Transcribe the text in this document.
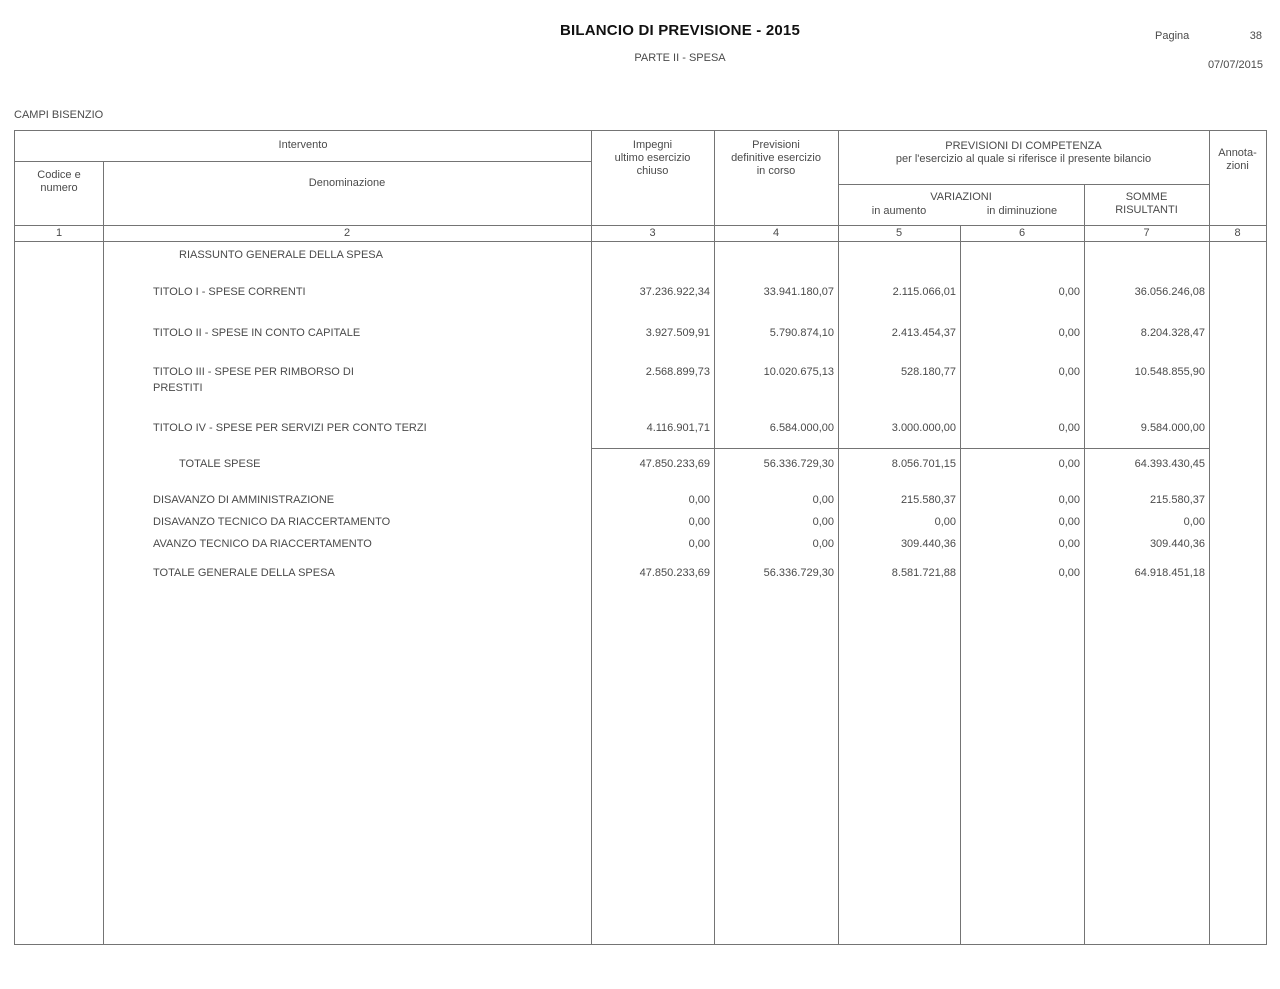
BILANCIO DI PREVISIONE - 2015
PARTE II - SPESA
Pagina	38
07/07/2015
CAMPI BISENZIO
Intervento
Codice e
numero	Denominazione
Impegni
ultimo esercizio
chiuso
Previsioni
definitive esercizio
in corso
PREVISIONI DI COMPETENZA
per l'esercizio al quale si riferisce il presente bilancio
VARIAZIONI
in aumento	in diminuzione
SOMME
RISULTANTI
Annota-
zioni
1	2	3	4	5	6	7	8
RIASSUNTO GENERALE DELLA SPESA
TITOLO I - SPESE CORRENTI	37.236.922,34	33.941.180,07	2.115.066,01	0,00	36.056.246,08
TITOLO II - SPESE IN CONTO CAPITALE	3.927.509,91	5.790.874,10	2.413.454,37	0,00	8.204.328,47
TITOLO III - SPESE PER RIMBORSO DI
PRESTITI
2.568.899,73	10.020.675,13	528.180,77	0,00	10.548.855,90
TITOLO IV - SPESE PER SERVIZI PER CONTO TERZI	4.116.901,71	6.584.000,00	3.000.000,00	0,00	9.584.000,00
TOTALE SPESE	47.850.233,69	56.336.729,30	8.056.701,15	0,00	64.393.430,45
DISAVANZO DI AMMINISTRAZIONE	0,00	0,00	215.580,37	0,00	215.580,37
DISAVANZO TECNICO DA RIACCERTAMENTO	0,00	0,00	0,00	0,00	0,00
AVANZO TECNICO DA RIACCERTAMENTO	0,00	0,00	309.440,36	0,00	309.440,36
TOTALE GENERALE DELLA SPESA	47.850.233,69	56.336.729,30	8.581.721,88	0,00	64.918.451,18
